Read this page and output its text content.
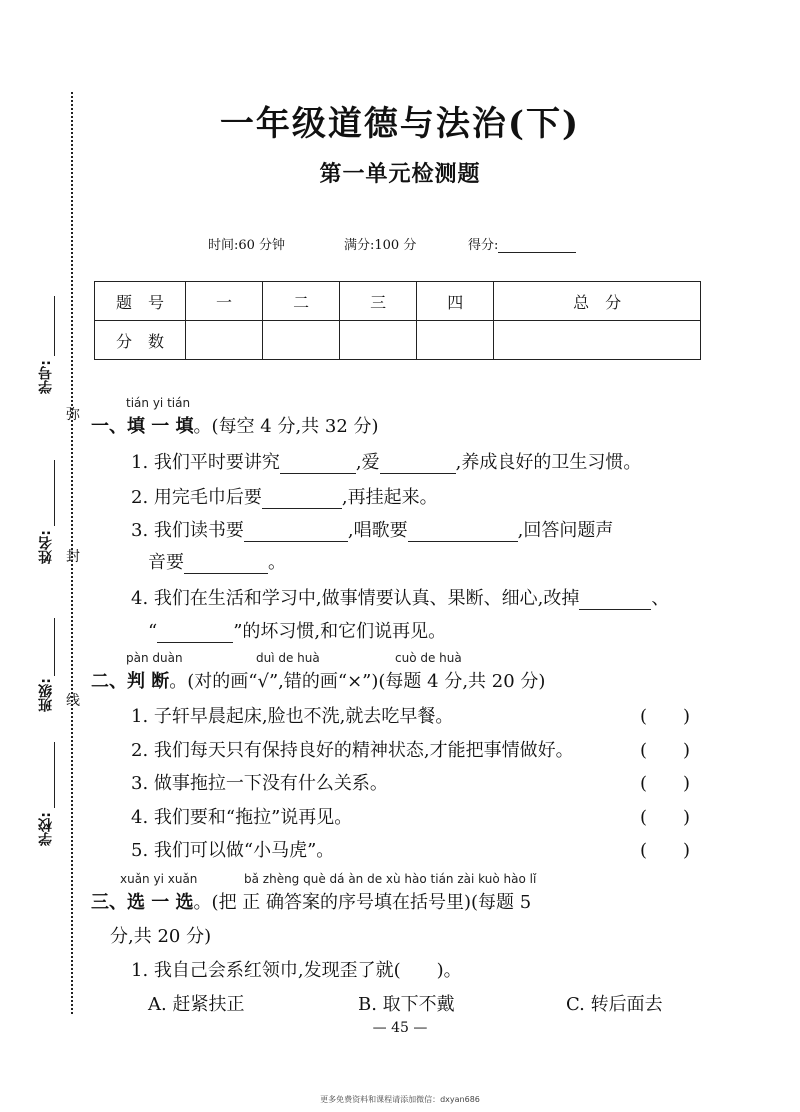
学号:
姓名:
班级:
学校:
弥
封
线
一年级道德与法治(下)
第一单元检测题
时间:60 分钟	满分:100 分	得分:
题　号	一	二	三	四	总　分
分　数					
tián yi tián
一、填 一 填。(每空 4 分,共 32 分)
1. 我们平时要讲究	,爱	,养成良好的卫生习惯。
2. 用完毛巾后要	,再挂起来。
3. 我们读书要	,唱歌要	,回答问题声
音要	。
4. 我们在生活和学习中,做事情要认真、果断、细心,改掉	、
“	”的坏习惯,和它们说再见。
pàn duàn	duì de huà	cuò de huà
二、判 断。(对的画“√”,错的画“×”)(每题 4 分,共 20 分)
1. 子轩早晨起床,脸也不洗,就去吃早餐。	(　　)
2. 我们每天只有保持良好的精神状态,才能把事情做好。	(　　)
3. 做事拖拉一下没有什么关系。	(　　)
4. 我们要和“拖拉”说再见。	(　　)
5. 我们可以做“小马虎”。	(　　)
xuǎn yi xuǎn	bǎ zhèng què dá àn de xù hào tián zài kuò hào lǐ
三、选 一 选。(把 正 确答案的序号填在括号里)(每题 5
分,共 20 分)
1. 我自己会系红领巾,发现歪了就(　　)。
A. 赶紧扶正	B. 取下不戴	C. 转后面去
— 45 —
更多免费资料和课程请添加微信：dxyan686
